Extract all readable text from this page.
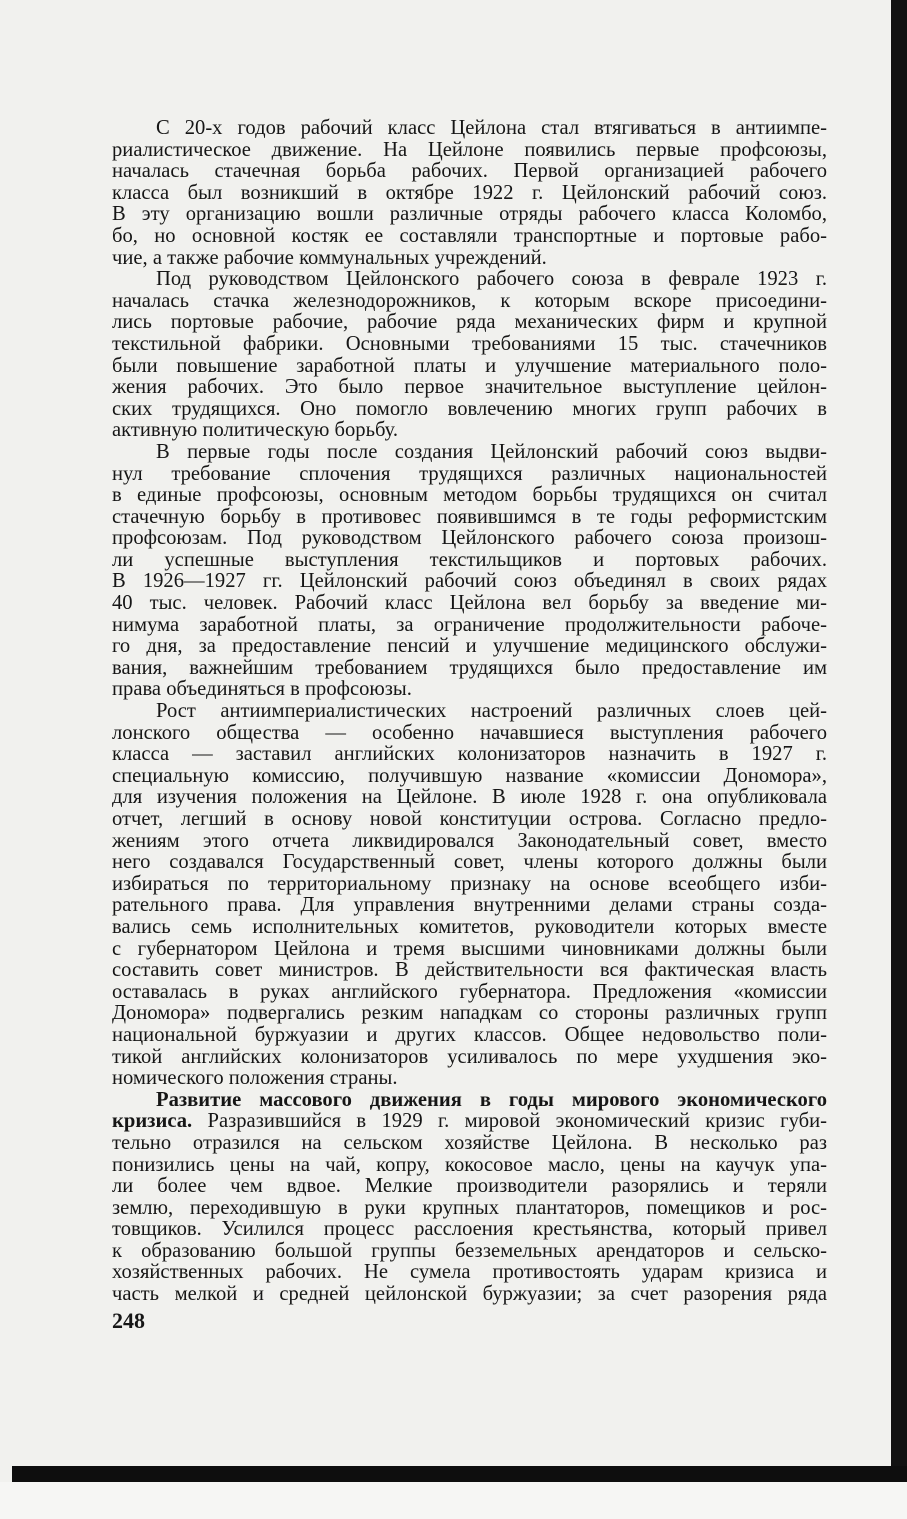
С 20-х годов рабочий класс Цейлона стал втягиваться в антиимпе-
риалистическое движение. На Цейлоне появились первые профсоюзы,
началась стачечная борьба рабочих. Первой организацией рабочего
класса был возникший в октябре 1922 г. Цейлонский рабочий союз.
В эту организацию вошли различные отряды рабочего класса Коломбо,
бо, но основной костяк ее составляли транспортные и портовые рабо-
чие, а также рабочие коммунальных учреждений.
Под руководством Цейлонского рабочего союза в феврале 1923 г.
началась стачка железнодорожников, к которым вскоре присоедини-
лись портовые рабочие, рабочие ряда механических фирм и крупной
текстильной фабрики. Основными требованиями 15 тыс. стачечников
были повышение заработной платы и улучшение материального поло-
жения рабочих. Это было первое значительное выступление цейлон-
ских трудящихся. Оно помогло вовлечению многих групп рабочих в
активную политическую борьбу.
В первые годы после создания Цейлонский рабочий союз выдви-
нул требование сплочения трудящихся различных национальностей
в единые профсоюзы, основным методом борьбы трудящихся он считал
стачечную борьбу в противовес появившимся в те годы реформистским
профсоюзам. Под руководством Цейлонского рабочего союза произош-
ли успешные выступления текстильщиков и портовых рабочих.
В 1926—1927 гг. Цейлонский рабочий союз объединял в своих рядах
40 тыс. человек. Рабочий класс Цейлона вел борьбу за введение ми-
нимума заработной платы, за ограничение продолжительности рабоче-
го дня, за предоставление пенсий и улучшение медицинского обслужи-
вания, важнейшим требованием трудящихся было предоставление им
права объединяться в профсоюзы.
Рост антиимпериалистических настроений различных слоев цей-
лонского общества — особенно начавшиеся выступления рабочего
класса — заставил английских колонизаторов назначить в 1927 г.
специальную комиссию, получившую название «комиссии Дономорa»,
для изучения положения на Цейлоне. В июле 1928 г. она опубликовала
отчет, легший в основу новой конституции острова. Согласно предло-
жениям этого отчета ликвидировался Законодательный совет, вместо
него создавался Государственный совет, члены которого должны были
избираться по территориальному признаку на основе всеобщего изби-
рательного права. Для управления внутренними делами страны созда-
вались семь исполнительных комитетов, руководители которых вместе
с губернатором Цейлона и тремя высшими чиновниками должны были
составить совет министров. В действительности вся фактическая власть
оставалась в руках английского губернатора. Предложения «комиссии
Дономорa» подвергались резким нападкам со стороны различных групп
национальной буржуазии и других классов. Общее недовольство поли-
тикой английских колонизаторов усиливалось по мере ухудшения эко-
номического положения страны.
Развитие массового движения в годы мирового экономического
кризиса. Разразившийся в 1929 г. мировой экономический кризис губи-
тельно отразился на сельском хозяйстве Цейлона. В несколько раз
понизились цены на чай, копру, кокосовое масло, цены на каучук упа-
ли более чем вдвое. Мелкие производители разорялись и теряли
землю, переходившую в руки крупных плантаторов, помещиков и рос-
товщиков. Усилился процесс расслоения крестьянства, который привел
к образованию большой группы безземельных арендаторов и сельско-
хозяйственных рабочих. Не сумела противостоять ударам кризиса и
часть мелкой и средней цейлонской буржуазии; за счет разорения ряда
248
